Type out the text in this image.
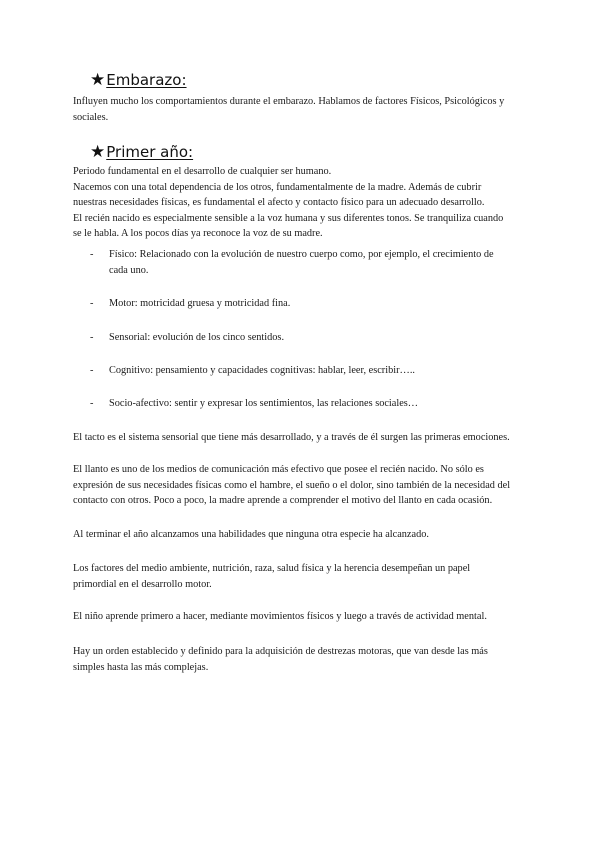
★Embarazo:
Influyen mucho los comportamientos durante el embarazo. Hablamos de factores Físicos, Psicológicos y
sociales.
★Primer año:
Periodo fundamental en el desarrollo de cualquier ser humano.
Nacemos con una total dependencia de los otros, fundamentalmente de la madre. Además de cubrir
nuestras necesidades físicas, es fundamental el afecto y contacto físico para un adecuado desarrollo.
El recién nacido es especialmente sensible a la voz humana y sus diferentes tonos. Se tranquiliza cuando
se le habla. A los pocos días ya reconoce la voz de su madre.
- Físico: Relacionado con la evolución de nuestro cuerpo como, por ejemplo, el crecimiento de
cada uno.
- Motor: motricidad gruesa y motricidad fina.
- Sensorial: evolución de los cinco sentidos.
- Cognitivo: pensamiento y capacidades cognitivas: hablar, leer, escribir…..
- Socio-afectivo: sentir y expresar los sentimientos, las relaciones sociales…
El tacto es el sistema sensorial que tiene más desarrollado, y a través de él surgen las primeras emociones.
El llanto es uno de los medios de comunicación más efectivo que posee el recién nacido. No sólo es
expresión de sus necesidades físicas como el hambre, el sueño o el dolor, sino también de la necesidad del
contacto con otros. Poco a poco, la madre aprende a comprender el motivo del llanto en cada ocasión.
Al terminar el año alcanzamos una habilidades que ninguna otra especie ha alcanzado.
Los factores del medio ambiente, nutrición, raza, salud física y la herencia desempeñan un papel
primordial en el desarrollo motor.
El niño aprende primero a hacer, mediante movimientos físicos y luego a través de actividad mental.
Hay un orden establecido y definido para la adquisición de destrezas motoras, que van desde las más
simples hasta las más complejas.
